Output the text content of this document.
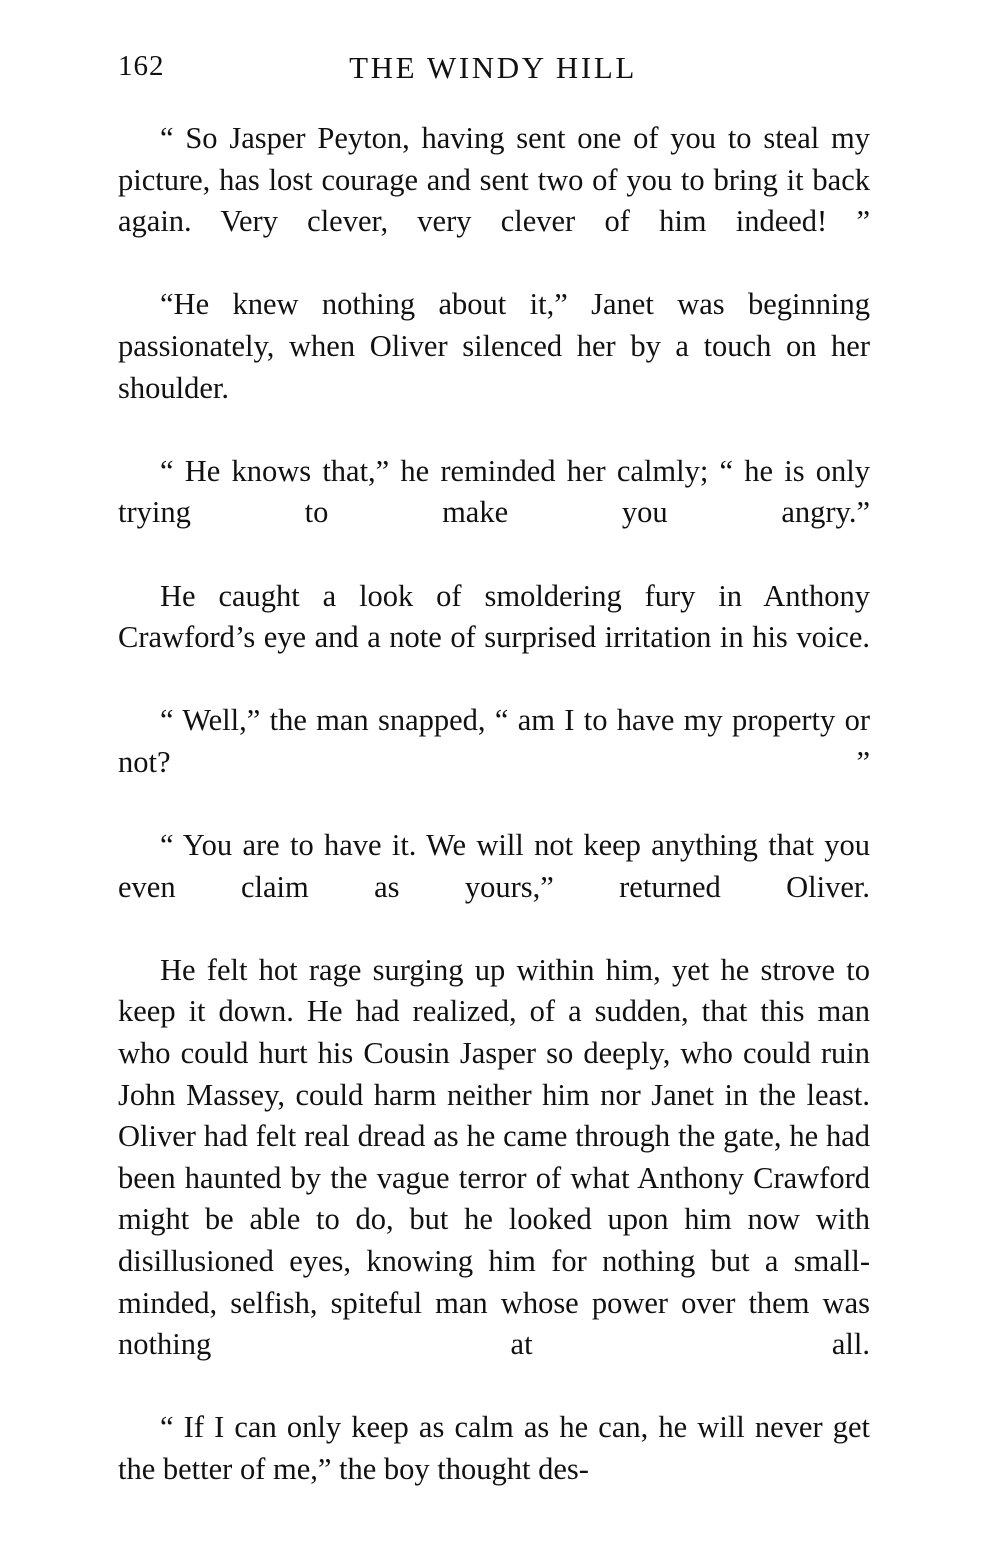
162	THE WINDY HILL

“ So Jasper Peyton, having sent one of you to steal my picture, has lost courage and sent two of you to bring it back again. Very clever, very clever of him indeed! ”

“He knew nothing about it,” Janet was beginning passionately, when Oliver silenced her by a touch on her shoulder.

“ He knows that,” he reminded her calmly; “ he is only trying to make you angry.”

He caught a look of smoldering fury in Anthony Crawford’s eye and a note of surprised irritation in his voice.

“ Well,” the man snapped, “ am I to have my property or not? ”

“ You are to have it. We will not keep anything that you even claim as yours,” returned Oliver.

He felt hot rage surging up within him, yet he strove to keep it down. He had realized, of a sudden, that this man who could hurt his Cousin Jasper so deeply, who could ruin John Massey, could harm neither him nor Janet in the least. Oliver had felt real dread as he came through the gate, he had been haunted by the vague terror of what Anthony Crawford might be able to do, but he looked upon him now with disillusioned eyes, knowing him for nothing but a small-minded, selfish, spiteful man whose power over them was nothing at all.

“ If I can only keep as calm as he can, he will never get the better of me,” the boy thought des-
